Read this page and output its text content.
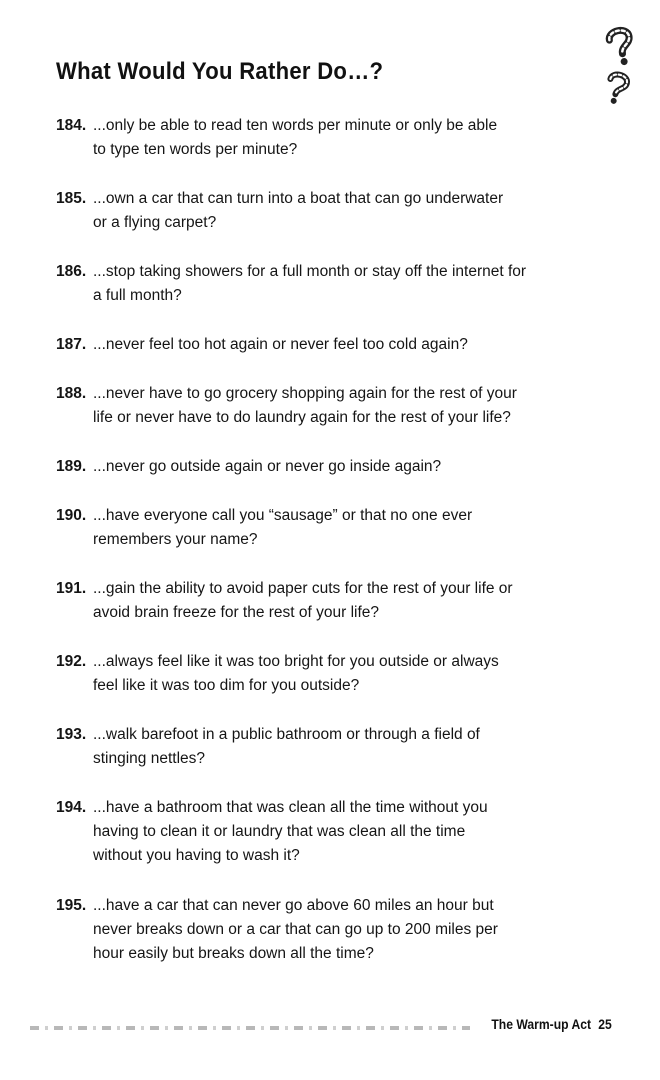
What Would You Rather Do…?
184. ...only be able to read ten words per minute or only be able
to type ten words per minute?
185. ...own a car that can turn into a boat that can go underwater
or a flying carpet?
186. ...stop taking showers for a full month or stay off the internet for
a full month?
187. ...never feel too hot again or never feel too cold again?
188. ...never have to go grocery shopping again for the rest of your
life or never have to do laundry again for the rest of your life?
189. ...never go outside again or never go inside again?
190. ...have everyone call you “sausage” or that no one ever
remembers your name?
191. ...gain the ability to avoid paper cuts for the rest of your life or
avoid brain freeze for the rest of your life?
192. ...always feel like it was too bright for you outside or always
feel like it was too dim for you outside?
193. ...walk barefoot in a public bathroom or through a field of
stinging nettles?
194. ...have a bathroom that was clean all the time without you
having to clean it or laundry that was clean all the time
without you having to wash it?
195. ...have a car that can never go above 60 miles an hour but
never breaks down or a car that can go up to 200 miles per
hour easily but breaks down all the time?
The Warm-up Act 25
